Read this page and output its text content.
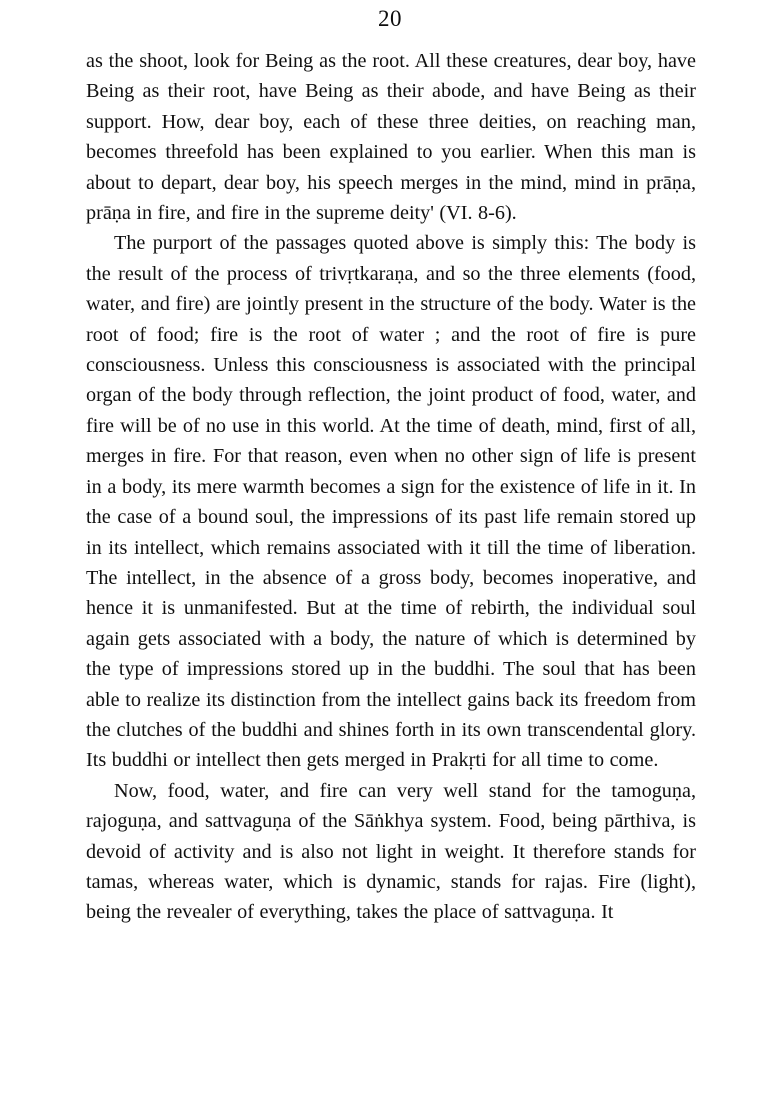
20

as the shoot, look for Being as the root. All these creatures, dear boy, have Being as their root, have Being as their abode, and have Being as their support. How, dear boy, each of these three deities, on reaching man, becomes threefold has been explained to you earlier. When this man is about to depart, dear boy, his speech merges in the mind, mind in prāṇa, prāṇa in fire, and fire in the supreme deity' (VI. 8-6).

The purport of the passages quoted above is simply this: The body is the result of the process of trivṛtkaraṇa, and so the three elements (food, water, and fire) are jointly present in the structure of the body. Water is the root of food; fire is the root of water ; and the root of fire is pure consciousness. Unless this consciousness is associated with the principal organ of the body through reflection, the joint product of food, water, and fire will be of no use in this world. At the time of death, mind, first of all, merges in fire. For that reason, even when no other sign of life is present in a body, its mere warmth becomes a sign for the existence of life in it. In the case of a bound soul, the impressions of its past life remain stored up in its intellect, which remains associated with it till the time of liberation. The intellect, in the absence of a gross body, becomes inoperative, and hence it is unmanifested. But at the time of rebirth, the individual soul again gets associated with a body, the nature of which is determined by the type of impressions stored up in the buddhi. The soul that has been able to realize its distinction from the intellect gains back its freedom from the clutches of the buddhi and shines forth in its own transcendental glory. Its buddhi or intellect then gets merged in Prakṛti for all time to come.

Now, food, water, and fire can very well stand for the tamoguṇa, rajoguṇa, and sattvaguṇa of the Sāṅkhya system. Food, being pārthiva, is devoid of activity and is also not light in weight. It therefore stands for tamas, whereas water, which is dynamic, stands for rajas. Fire (light), being the revealer of everything, takes the place of sattvaguṇa. It
